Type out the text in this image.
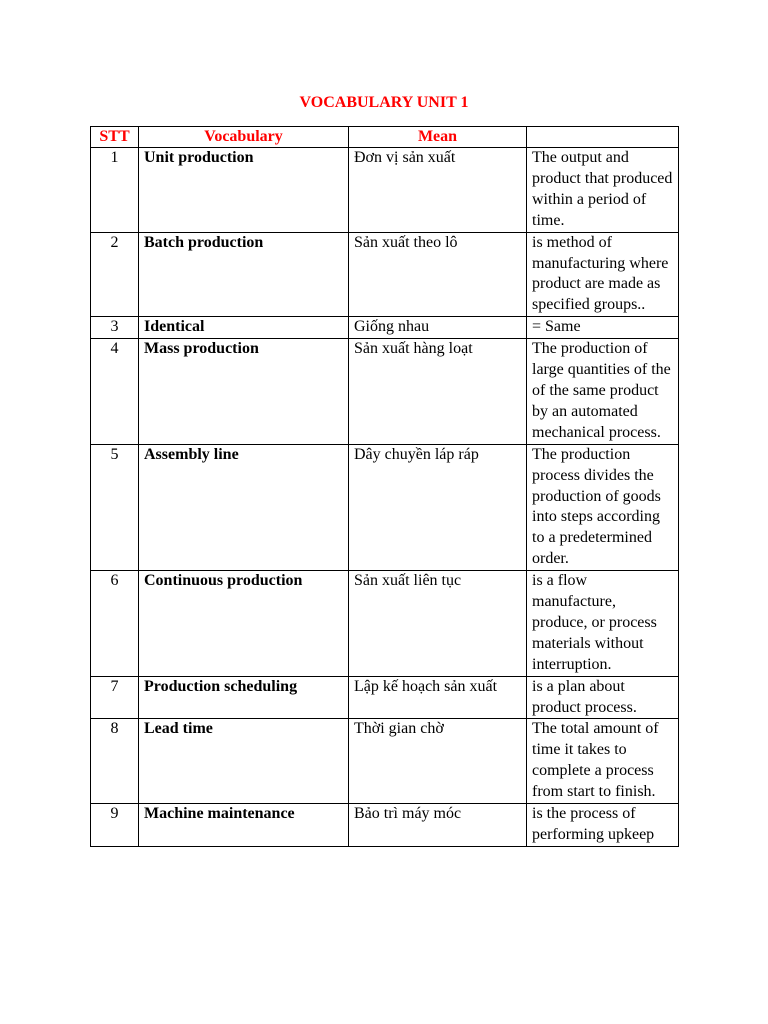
VOCABULARY UNIT 1
STT	Vocabulary	Mean	
1	Unit production	Đơn vị sản xuất	The output and product that produced within a period of time.
2	Batch production	Sản xuất theo lô	is method of manufacturing where product are made as specified groups..
3	Identical	Giống nhau	= Same
4	Mass production	Sản xuất hàng loạt	The production of large quantities of the of the same product by an automated mechanical process.
5	Assembly line	Dây chuyền láp ráp	The production process divides the production of goods into steps according to a predetermined order.
6	Continuous production	Sản xuất liên tục	is a flow manufacture, produce, or process materials without interruption.
7	Production scheduling	Lập kế hoạch sản xuất	is a plan about product process.
8	Lead time	Thời gian chờ	The total amount of time it takes to complete a process from start to finish.
9	Machine maintenance	Bảo trì máy móc	is the process of performing upkeep
